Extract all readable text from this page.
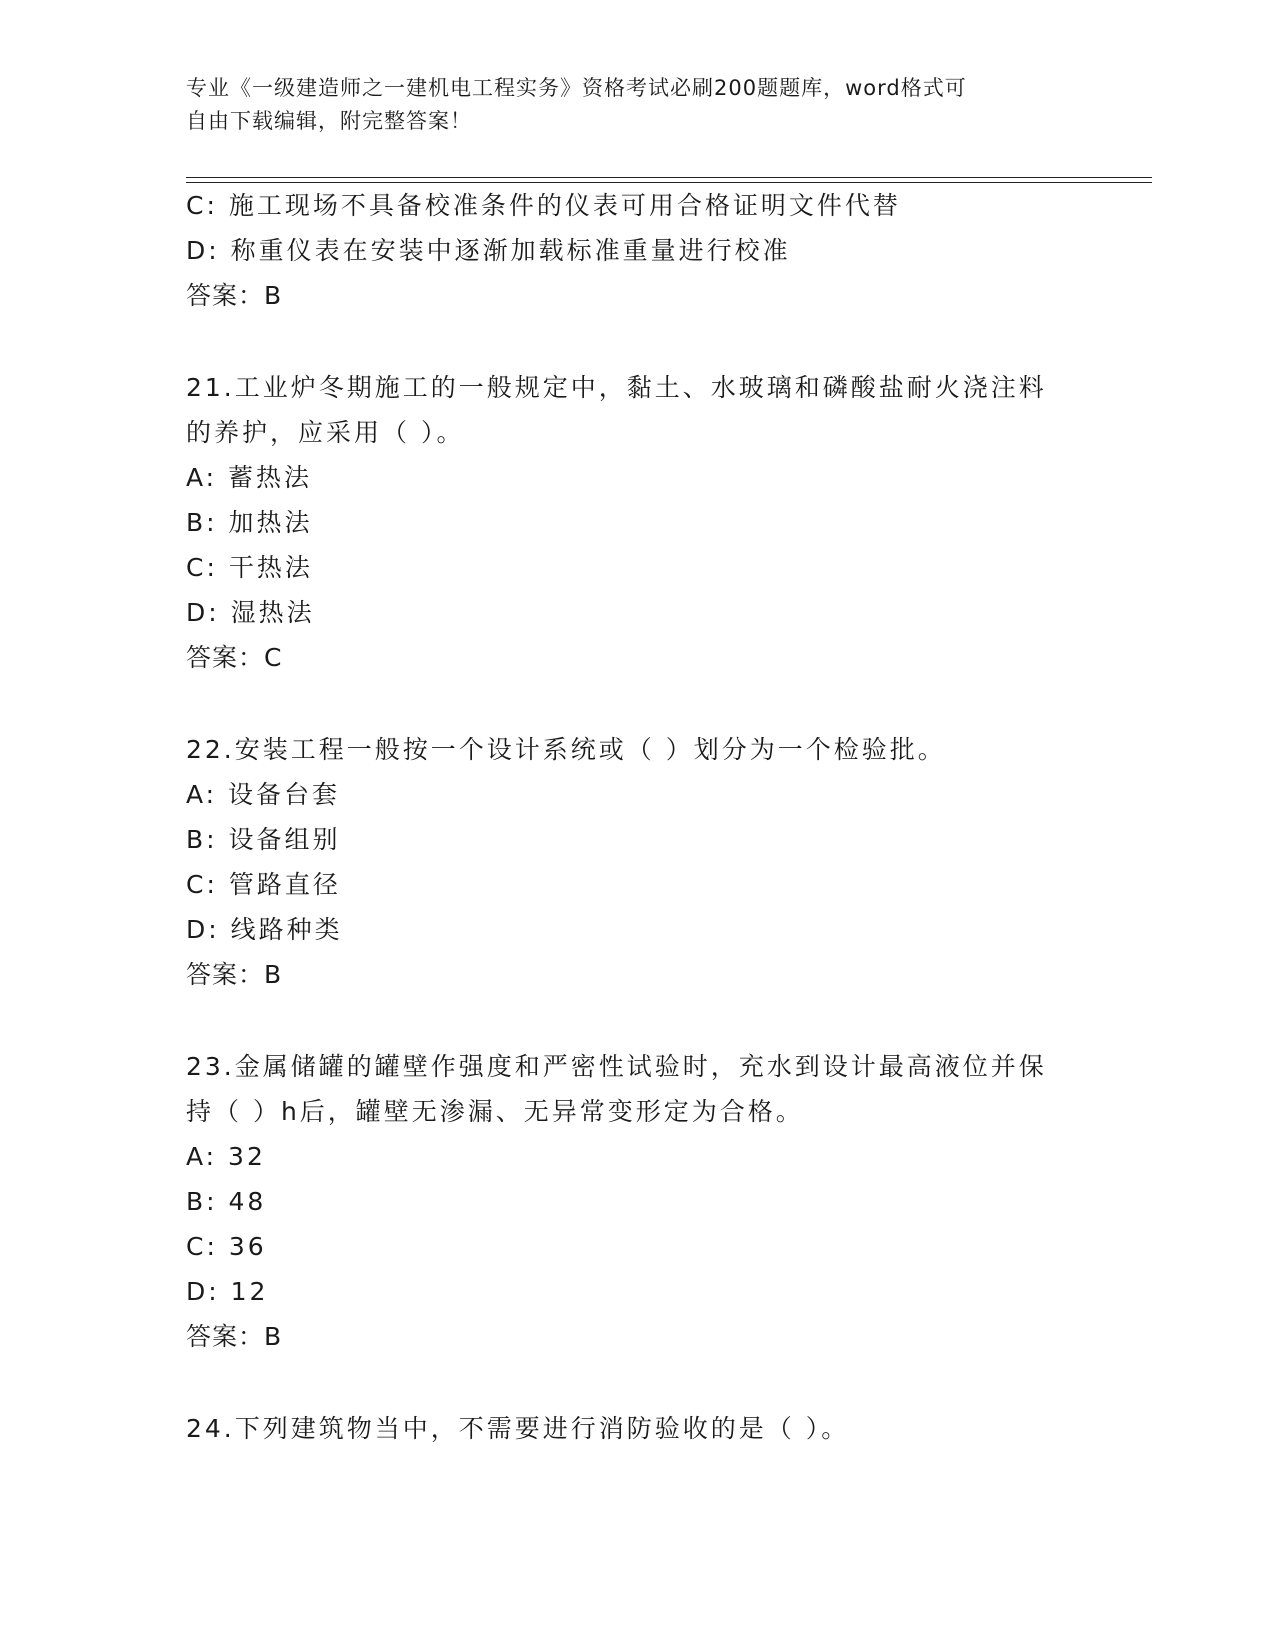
专业《一级建造师之一建机电工程实务》资格考试必刷200题题库，word格式可
自由下载编辑，附完整答案！
C: 施工现场不具备校准条件的仪表可用合格证明文件代替
D: 称重仪表在安装中逐渐加载标准重量进行校准
答案：B
21.工业炉冬期施工的一般规定中，黏土、水玻璃和磷酸盐耐火浇注料
的养护，应采用（ ）。
A: 蓄热法
B: 加热法
C: 干热法
D: 湿热法
答案：C
22.安装工程一般按一个设计系统或（ ）划分为一个检验批。
A: 设备台套
B: 设备组别
C: 管路直径
D: 线路种类
答案：B
23.金属储罐的罐壁作强度和严密性试验时，充水到设计最高液位并保
持（ ）h后，罐壁无渗漏、无异常变形定为合格。
A: 32
B: 48
C: 36
D: 12
答案：B
24.下列建筑物当中，不需要进行消防验收的是（ ）。
